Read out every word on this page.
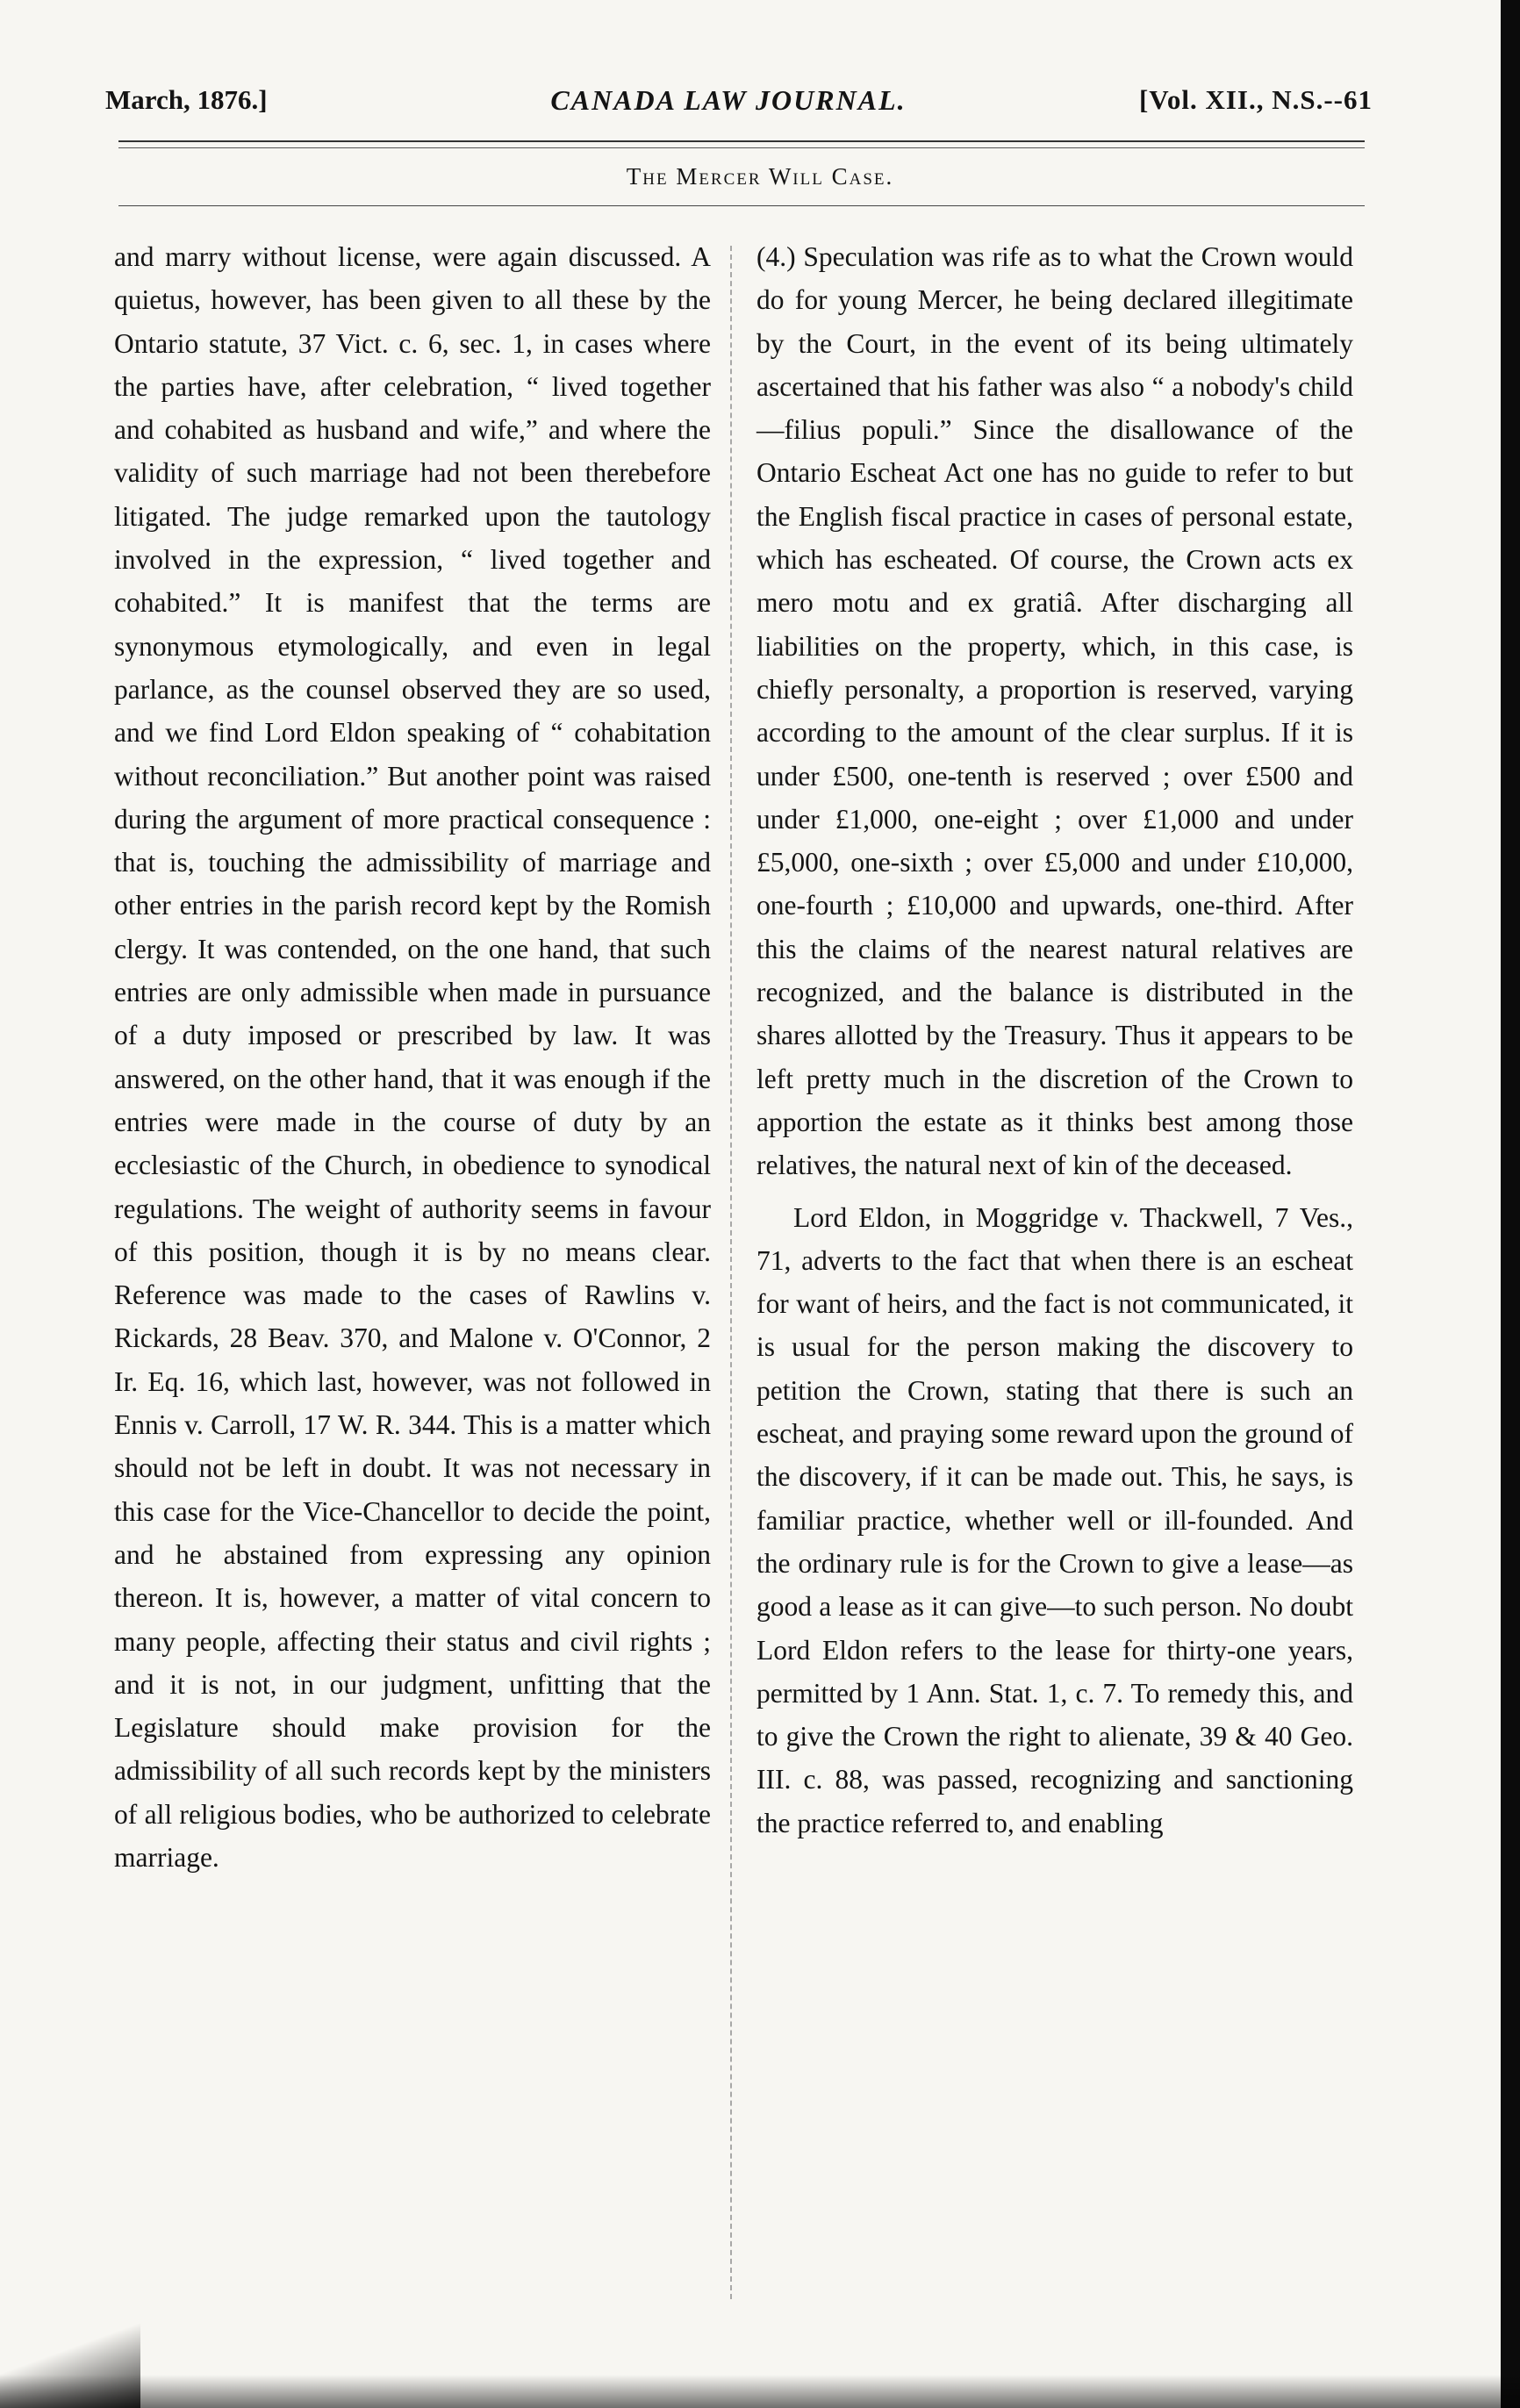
March, 1876.]	CANADA LAW JOURNAL.	[Vol. XII., N.S.--61
The Mercer Will Case.

and marry without license, were again discussed. A quietus, however, has been given to all these by the Ontario statute, 37 Vict. c. 6, sec. 1, in cases where the parties have, after celebration, “ lived together and cohabited as husband and wife,” and where the validity of such marriage had not been therebefore litigated. The judge remarked upon the tautology involved in the expression, “ lived together and cohabited.” It is manifest that the terms are synonymous etymologically, and even in legal parlance, as the counsel observed they are so used, and we find Lord Eldon speaking of “ cohabitation without reconciliation.” But another point was raised during the argument of more practical consequence : that is, touching the admissibility of marriage and other entries in the parish record kept by the Romish clergy. It was contended, on the one hand, that such entries are only admissible when made in pursuance of a duty imposed or prescribed by law. It was answered, on the other hand, that it was enough if the entries were made in the course of duty by an ecclesiastic of the Church, in obedience to synodical regulations. The weight of authority seems in favour of this position, though it is by no means clear. Reference was made to the cases of Rawlins v. Rickards, 28 Beav. 370, and Malone v. O'Connor, 2 Ir. Eq. 16, which last, however, was not followed in Ennis v. Carroll, 17 W. R. 344. This is a matter which should not be left in doubt. It was not necessary in this case for the Vice-Chancellor to decide the point, and he abstained from expressing any opinion thereon. It is, however, a matter of vital concern to many people, affecting their status and civil rights ; and it is not, in our judgment, unfitting that the Legislature should make provision for the admissibility of all such records kept by the ministers of all religious bodies, who be authorized to celebrate marriage.

(4.) Speculation was rife as to what the Crown would do for young Mercer, he being declared illegitimate by the Court, in the event of its being ultimately ascertained that his father was also “ a nobody's child—filius populi.” Since the disallowance of the Ontario Escheat Act one has no guide to refer to but the English fiscal practice in cases of personal estate, which has escheated. Of course, the Crown acts ex mero motu and ex gratiâ. After discharging all liabilities on the property, which, in this case, is chiefly personalty, a proportion is reserved, varying according to the amount of the clear surplus. If it is under £500, one-tenth is reserved ; over £500 and under £1,000, one-eight ; over £1,000 and under £5,000, one-sixth ; over £5,000 and under £10,000, one-fourth ; £10,000 and upwards, one-third. After this the claims of the nearest natural relatives are recognized, and the balance is distributed in the shares allotted by the Treasury. Thus it appears to be left pretty much in the discretion of the Crown to apportion the estate as it thinks best among those relatives, the natural next of kin of the deceased.

Lord Eldon, in Moggridge v. Thackwell, 7 Ves., 71, adverts to the fact that when there is an escheat for want of heirs, and the fact is not communicated, it is usual for the person making the discovery to petition the Crown, stating that there is such an escheat, and praying some reward upon the ground of the discovery, if it can be made out. This, he says, is familiar practice, whether well or ill-founded. And the ordinary rule is for the Crown to give a lease—as good a lease as it can give—to such person. No doubt Lord Eldon refers to the lease for thirty-one years, permitted by 1 Ann. Stat. 1, c. 7. To remedy this, and to give the Crown the right to alienate, 39 & 40 Geo. III. c. 88, was passed, recognizing and sanctioning the practice referred to, and enabling
